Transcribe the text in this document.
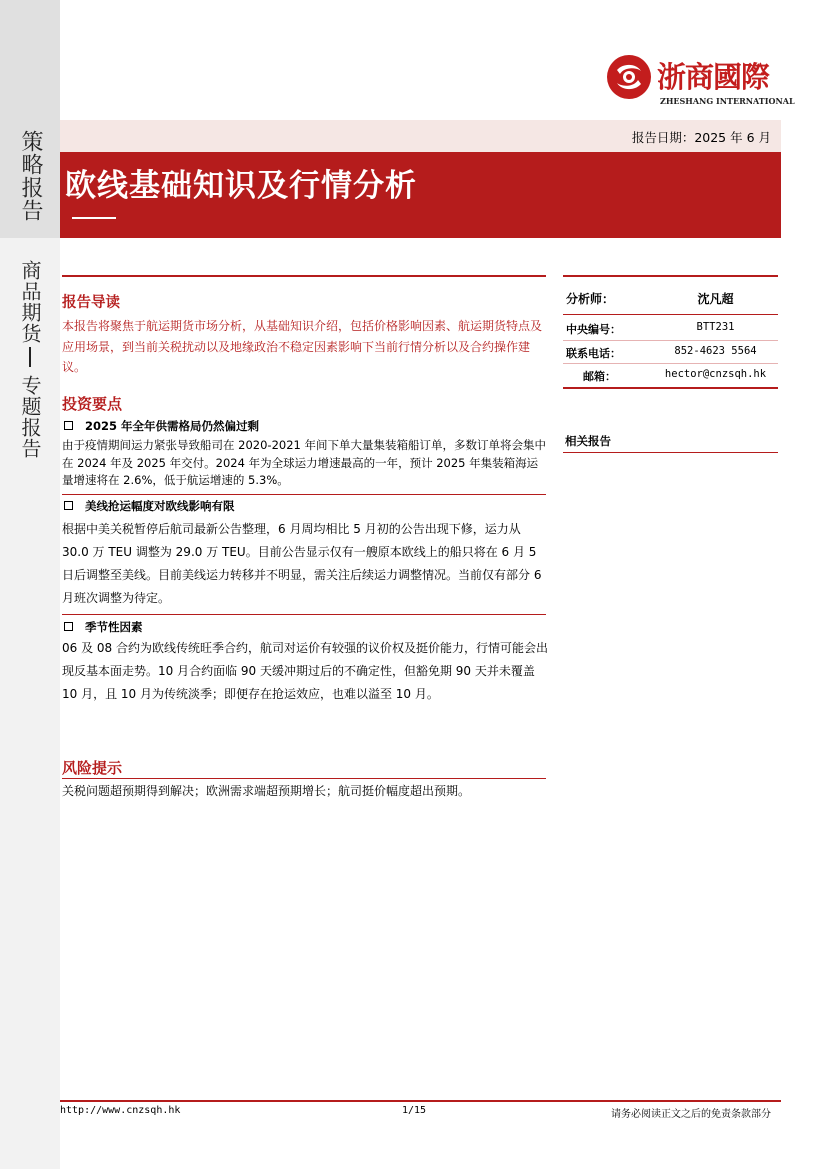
策略报告
商品期货
专题报告
浙商國際
ZHESHANG INTERNATIONAL
报告日期：2025 年 6 月
欧线基础知识及行情分析
报告导读
本报告将聚焦于航运期货市场分析，从基础知识介绍，包括价格影响因素、航运期货特点及应用场景，到当前关税扰动以及地缘政治不稳定因素影响下当前行情分析以及合约操作建议。
投资要点
2025 年全年供需格局仍然偏过剩
由于疫情期间运力紧张导致船司在 2020-2021 年间下单大量集装箱船订单，多数订单将会集中在 2024 年及 2025 年交付。2024 年为全球运力增速最高的一年，预计 2025 年集装箱海运量增速将在 2.6%，低于航运增速的 5.3%。
美线抢运幅度对欧线影响有限
根据中美关税暂停后航司最新公告整理，6 月周均相比 5 月初的公告出现下修，运力从 30.0 万 TEU 调整为 29.0 万 TEU。目前公告显示仅有一艘原本欧线上的船只将在 6 月 5 日后调整至美线。目前美线运力转移并不明显，需关注后续运力调整情况。当前仅有部分 6 月班次调整为待定。
季节性因素
06 及 08 合约为欧线传统旺季合约，航司对运价有较强的议价权及挺价能力，行情可能会出现反基本面走势。10 月合约面临 90 天缓冲期过后的不确定性，但豁免期 90 天并未覆盖 10 月，且 10 月为传统淡季；即便存在抢运效应，也难以溢至 10 月。
风险提示
关税问题超预期得到解决；欧洲需求端超预期增长；航司挺价幅度超出预期。
分析师：	沈凡超
中央编号：	BTT231
联系电话：	852-4623 5564
邮箱：	hector@cnzsqh.hk
相关报告
http://www.cnzsqh.hk	1/15	请务必阅读正文之后的免责条款部分
